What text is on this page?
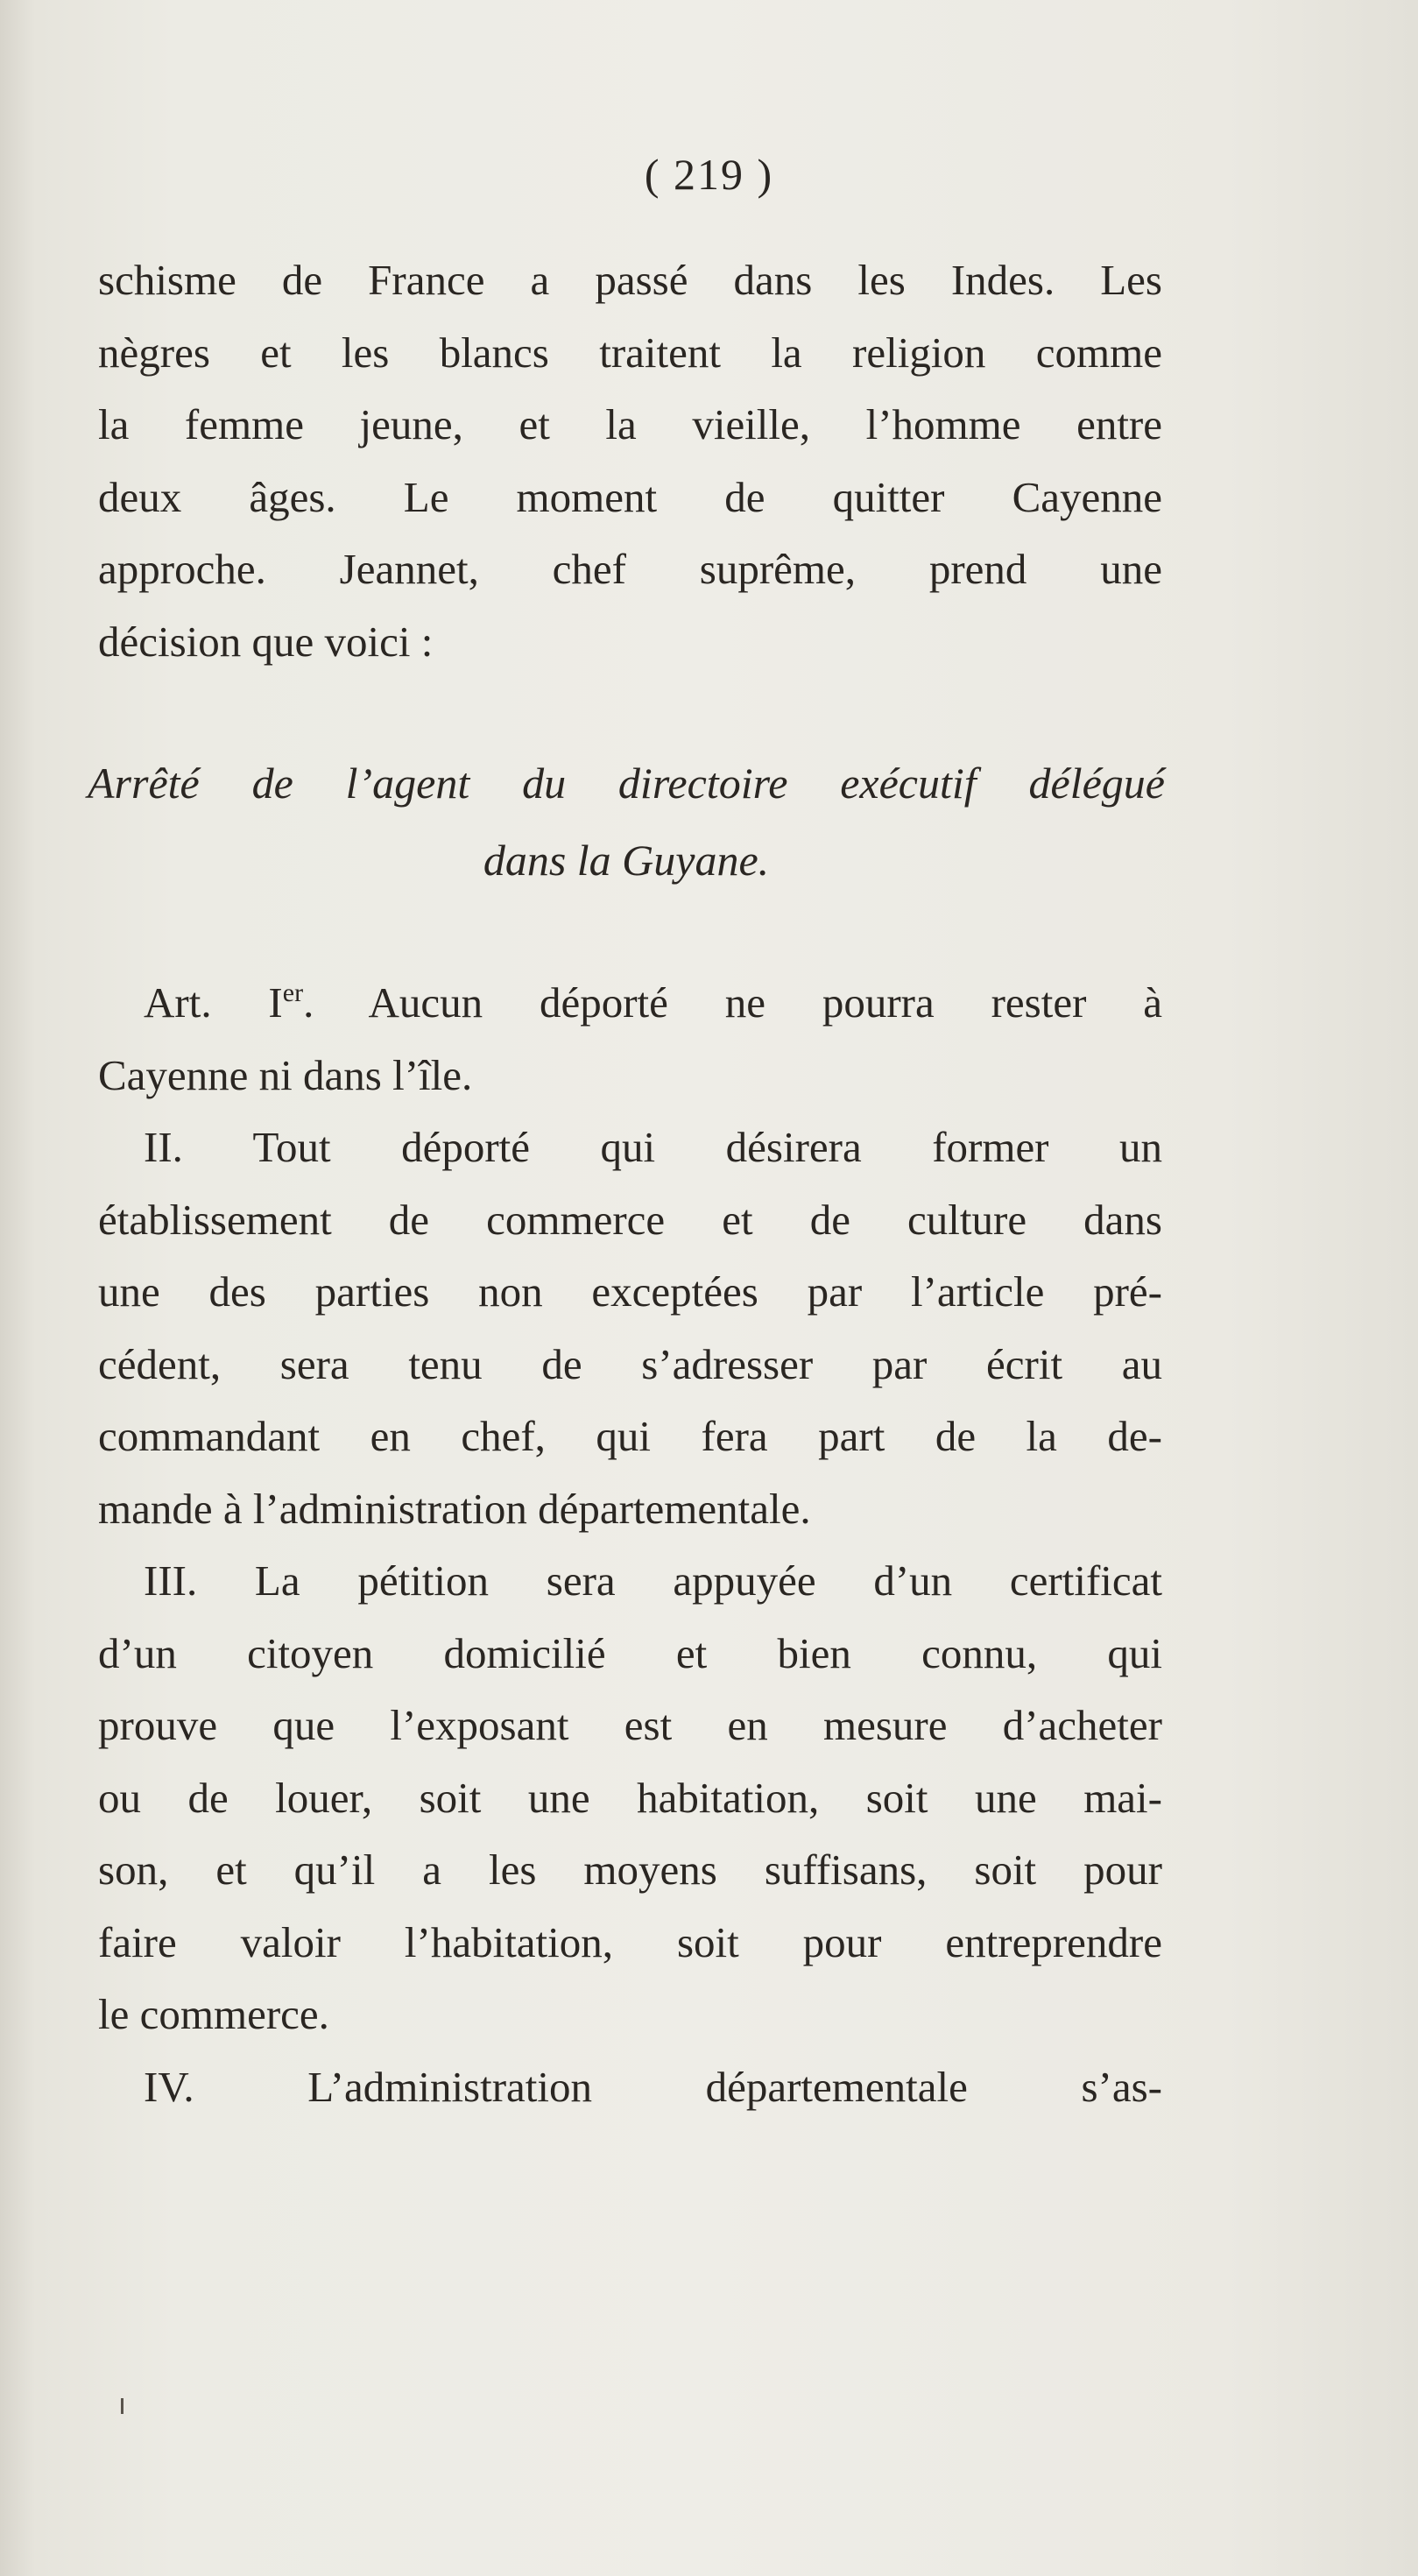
( 219 )
schisme de France a passé dans les Indes. Les
nègres et les blancs traitent la religion comme
la femme jeune, et la vieille, l’homme entre
deux âges. Le moment de quitter Cayenne
approche. Jeannet, chef suprême, prend une
décision que voici :
Arrêté de l’agent du directoire exécutif délégué
dans la Guyane.
Art. Ier. Aucun déporté ne pourra rester à
Cayenne ni dans l’île.
II. Tout déporté qui désirera former un
établissement de commerce et de culture dans
une des parties non exceptées par l’article pré-
cédent, sera tenu de s’adresser par écrit au
commandant en chef, qui fera part de la de-
mande à l’administration départementale.
III. La pétition sera appuyée d’un certificat
d’un citoyen domicilié et bien connu, qui
prouve que l’exposant est en mesure d’acheter
ou de louer, soit une habitation, soit une mai-
son, et qu’il a les moyens suffisans, soit pour
faire valoir l’habitation, soit pour entreprendre
le commerce.
IV. L’administration départementale s’as-
